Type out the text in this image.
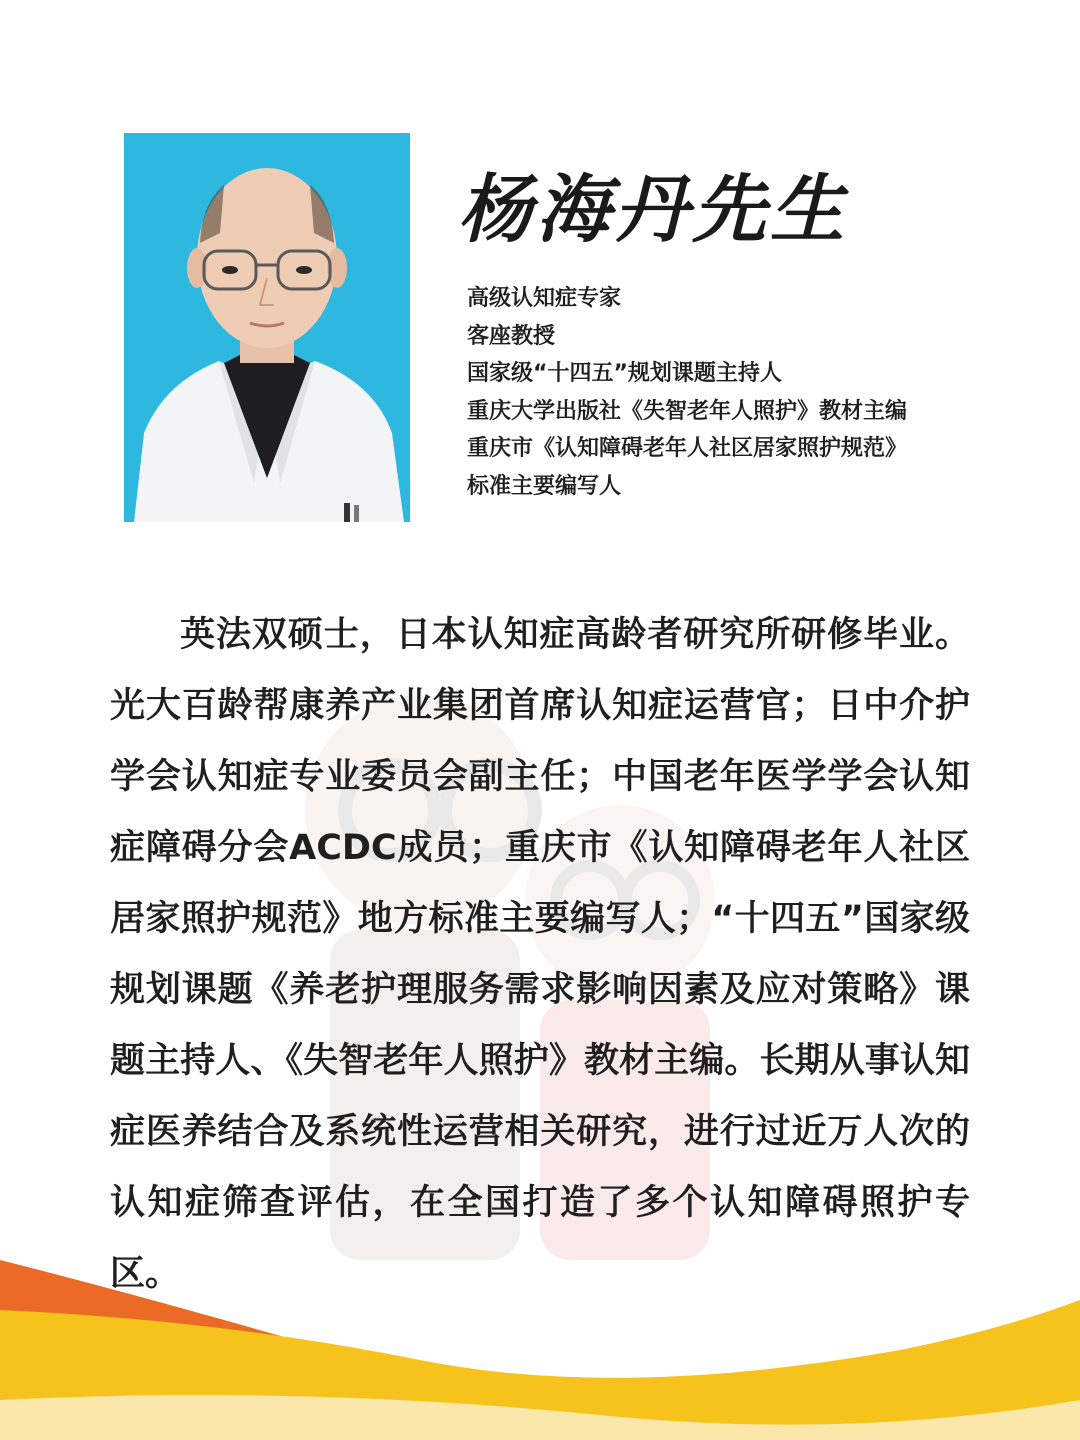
杨海丹先生
高级认知症专家
客座教授
国家级“十四五”规划课题主持人
重庆大学出版社《失智老年人照护》教材主编
重庆市《认知障碍老年人社区居家照护规范》
标准主要编写人

英法双硕士，日本认知症高龄者研究所研修毕业。光大百龄帮康养产业集团首席认知症运营官；日中介护学会认知症专业委员会副主任；中国老年医学学会认知症障碍分会ACDC成员；重庆市《认知障碍老年人社区居家照护规范》地方标准主要编写人；“十四五”国家级规划课题《养老护理服务需求影响因素及应对策略》课题主持人、《失智老年人照护》教材主编。长期从事认知症医养结合及系统性运营相关研究，进行过近万人次的认知症筛查评估，在全国打造了多个认知障碍照护专区。
